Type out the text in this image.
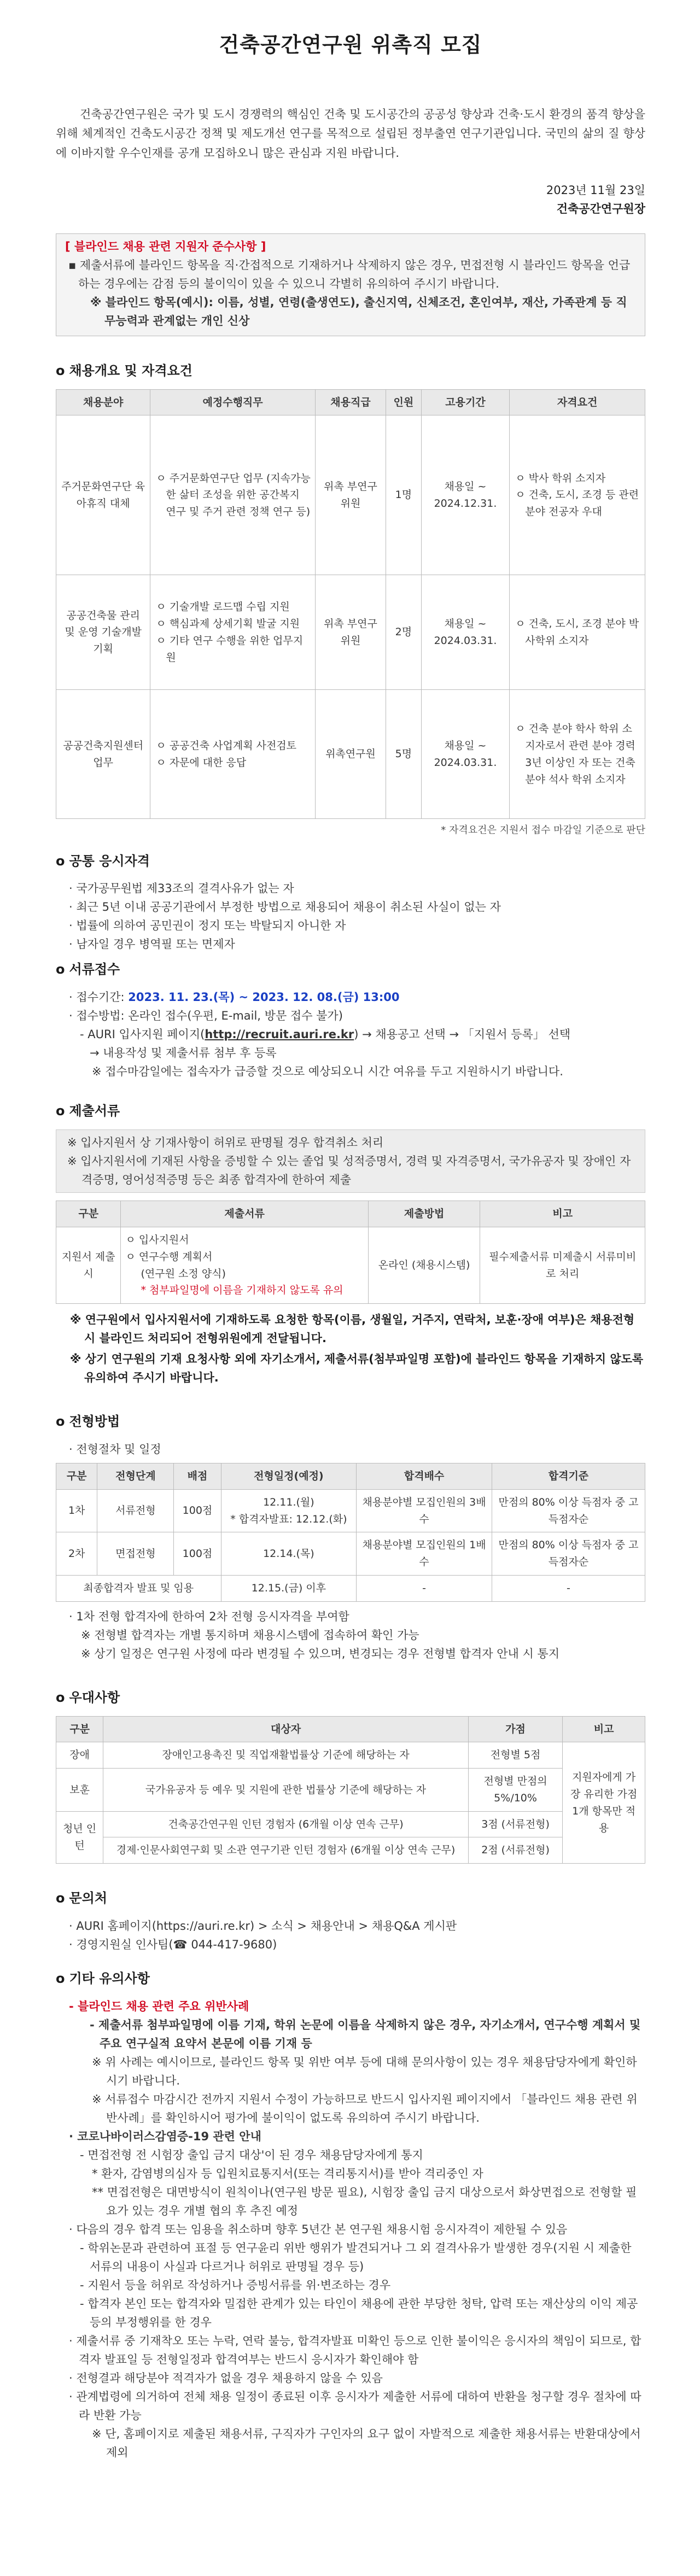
건축공간연구원 위촉직 모집

건축공간연구원은 국가 및 도시 경쟁력의 핵심인 건축 및 도시공간의 공공성 향상과 건축·도시 환경의 품격 향상을 위해 체계적인 건축도시공간 정책 및 제도개선 연구를 목적으로 설립된 정부출연 연구기관입니다. 국민의 삶의 질 향상에 이바지할 우수인재를 공개 모집하오니 많은 관심과 지원 바랍니다.

2023년 11월 23일
건축공간연구원장
[ 블라인드 채용 관련 지원자 준수사항 ]
▪ 제출서류에 블라인드 항목을 직·간접적으로 기재하거나 삭제하지 않은 경우, 면접전형 시 블라인드 항목을 언급하는 경우에는 감점 등의 불이익이 있을 수 있으니 각별히 유의하여 주시기 바랍니다.
※ 블라인드 항목(예시): 이름, 성별, 연령(출생연도), 출신지역, 신체조건, 혼인여부, 재산, 가족관계 등 직무능력과 관계없는 개인 신상
o 채용개요 및 자격요건
채용분야	예정수행직무	채용직급	인원	고용기간	자격요건
주거문화연구단 육아휴직 대체	ㅇ 주거문화연구단 업무 (지속가능한 삶터 조성을 위한 공간복지 연구 및 주거 관련 정책 연구 등)	위촉 부연구위원	1명	채용일 ~ 2024.12.31.	ㅇ 박사 학위 소지자
ㅇ 건축, 도시, 조경 등 관련 분야 전공자 우대

공공건축물 관리 및 운영 기술개발 기획	ㅇ 기술개발 로드맵 수립 지원
ㅇ 핵심과제 상세기획 발굴 지원
ㅇ 기타 연구 수행을 위한 업무지원	위촉 부연구위원	2명	채용일 ~ 2024.03.31.	ㅇ 건축, 도시, 조경 분야 박사학위 소지자

공공건축지원센터 업무	ㅇ 공공건축 사업계획 사전검토
ㅇ 자문에 대한 응답	위촉연구원	5명	채용일 ~ 2024.03.31.	ㅇ 건축 분야 학사 학위 소지자로서 관련 분야 경력 3년 이상인 자 또는 건축 분야 석사 학위 소지자
* 자격요건은 지원서 접수 마감일 기준으로 판단
o 공통 응시자격
· 국가공무원법 제33조의 결격사유가 없는 자
· 최근 5년 이내 공공기관에서 부정한 방법으로 채용되어 채용이 취소된 사실이 없는 자
· 법률에 의하여 공민권이 정지 또는 박탈되지 아니한 자
· 남자일 경우 병역필 또는 면제자
o 서류접수
· 접수기간: 2023. 11. 23.(목) ~ 2023. 12. 08.(금) 13:00
· 접수방법: 온라인 접수(우편, E-mail, 방문 접수 불가)
- AURI 입사지원 페이지(http://recruit.auri.re.kr) → 채용공고 선택 → 「지원서 등록」 선택
→ 내용작성 및 제출서류 첨부 후 등록
※ 접수마감일에는 접속자가 급증할 것으로 예상되오니 시간 여유를 두고 지원하시기 바랍니다.
o 제출서류
※ 입사지원서 상 기재사항이 허위로 판명될 경우 합격취소 처리
※ 입사지원서에 기재된 사항을 증빙할 수 있는 졸업 및 성적증명서, 경력 및 자격증명서, 국가유공자 및 장애인 자격증명, 영어성적증명 등은 최종 합격자에 한하여 제출
구분	제출서류	제출방법	비고
지원서 제출 시	ㅇ 입사지원서
ㅇ 연구수행 계획서
(연구원 소정 양식)
* 첨부파일명에 이름을 기재하지 않도록 유의	온라인 (채용시스템)	필수제출서류 미제출시 서류미비로 처리
※ 연구원에서 입사지원서에 기재하도록 요청한 항목(이름, 생월일, 거주지, 연락처, 보훈·장애 여부)은 채용전형 시 블라인드 처리되어 전형위원에게 전달됩니다.
※ 상기 연구원의 기재 요청사항 외에 자기소개서, 제출서류(첨부파일명 포함)에 블라인드 항목을 기재하지 않도록 유의하여 주시기 바랍니다.
o 전형방법
· 전형절차 및 일정
구분	전형단계	배점	전형일정(예정)	합격배수	합격기준
1차	서류전형	100점	12.11.(월)
* 합격자발표: 12.12.(화)	채용분야별 모집인원의 3배수	만점의 80% 이상 득점자 중 고득점자순
2차	면접전형	100점	12.14.(목)	채용분야별 모집인원의 1배수	만점의 80% 이상 득점자 중 고득점자순
최종합격자 발표 및 임용			12.15.(금) 이후	-	-
· 1차 전형 합격자에 한하여 2차 전형 응시자격을 부여함
※ 전형별 합격자는 개별 통지하며 채용시스템에 접속하여 확인 가능
※ 상기 일정은 연구원 사정에 따라 변경될 수 있으며, 변경되는 경우 전형별 합격자 안내 시 통지
o 우대사항
구분	대상자	가점	비고
장애	장애인고용촉진 및 직업재활법률상 기준에 해당하는 자	전형별 5점	지원자에게 가장 유리한 가점 1개 항목만 적용
보훈	국가유공자 등 예우 및 지원에 관한 법률상 기준에 해당하는 자	전형별 만점의 5%/10%	
청년 인턴	건축공간연구원 인턴 경험자 (6개월 이상 연속 근무)	3점 (서류전형)	
	경제·인문사회연구회 및 소관 연구기관 인턴 경험자 (6개월 이상 연속 근무)	2점 (서류전형)	
o 문의처
· AURI 홈페이지(https://auri.re.kr) > 소식 > 채용안내 > 채용Q&A 게시판
· 경영지원실 인사팀(☎ 044-417-9680)
o 기타 유의사항
- 블라인드 채용 관련 주요 위반사례
- 제출서류 첨부파일명에 이름 기재, 학위 논문에 이름을 삭제하지 않은 경우, 자기소개서, 연구수행 계획서 및 주요 연구실적 요약서 본문에 이름 기재 등
※ 위 사례는 예시이므로, 블라인드 항목 및 위반 여부 등에 대해 문의사항이 있는 경우 채용담당자에게 확인하시기 바랍니다.
※ 서류접수 마감시간 전까지 지원서 수정이 가능하므로 반드시 입사지원 페이지에서 「블라인드 채용 관련 위반사례」를 확인하시어 평가에 불이익이 없도록 유의하여 주시기 바랍니다.
· 코로나바이러스감염증-19 관련 안내
- 면접전형 전 시험장 출입 금지 대상'이 된 경우 채용담당자에게 통지
* 환자, 감염병의심자 등 입원치료통지서(또는 격리통지서)를 받아 격리중인 자
** 면접전형은 대면방식이 원칙이나(연구원 방문 필요), 시험장 출입 금지 대상으로서 화상면접으로 전형할 필요가 있는 경우 개별 협의 후 추진 예정
· 다음의 경우 합격 또는 임용을 취소하며 향후 5년간 본 연구원 채용시험 응시자격이 제한될 수 있음
- 학위논문과 관련하여 표절 등 연구윤리 위반 행위가 발견되거나 그 외 결격사유가 발생한 경우(지원 시 제출한 서류의 내용이 사실과 다르거나 허위로 판명될 경우 등)
- 지원서 등을 허위로 작성하거나 증빙서류를 위·변조하는 경우
- 합격자 본인 또는 합격자와 밀접한 관계가 있는 타인이 채용에 관한 부당한 청탁, 압력 또는 재산상의 이익 제공 등의 부정행위를 한 경우
· 제출서류 중 기재착오 또는 누락, 연락 불능, 합격자발표 미확인 등으로 인한 불이익은 응시자의 책임이 되므로, 합격자 발표일 등 전형일정과 합격여부는 반드시 응시자가 확인해야 함
· 전형결과 해당분야 적격자가 없을 경우 채용하지 않을 수 있음
· 관계법령에 의거하여 전체 채용 일정이 종료된 이후 응시자가 제출한 서류에 대하여 반환을 청구할 경우 절차에 따라 반환 가능
※ 단, 홈페이지로 제출된 채용서류, 구직자가 구인자의 요구 없이 자발적으로 제출한 채용서류는 반환대상에서 제외
